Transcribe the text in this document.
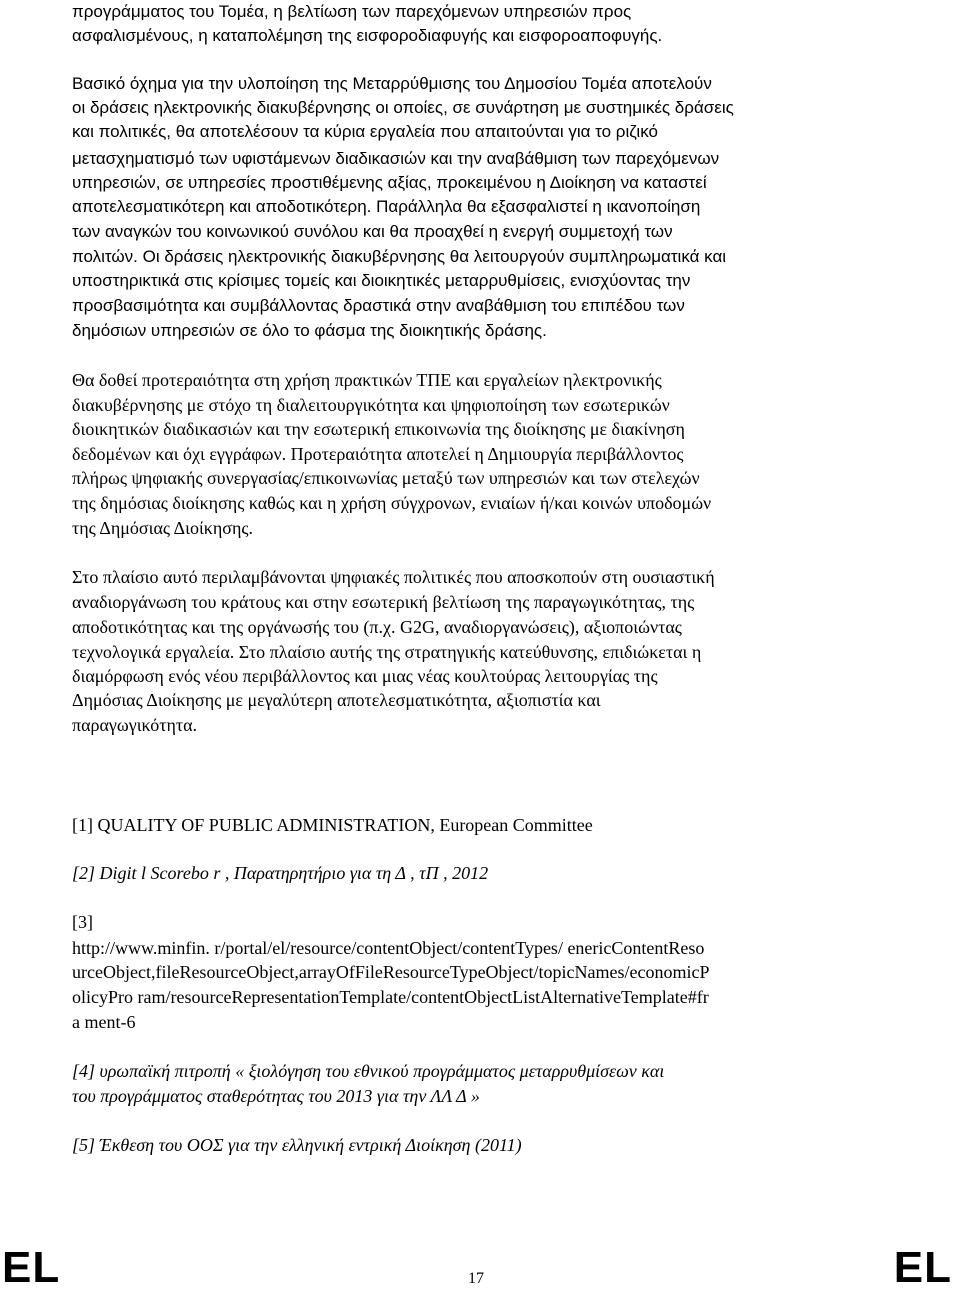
προγράμματος του Τομέα, η βελτίωση των παρεχόμενων υπηρεσιών προς
ασφαλισμένους, η καταπολέμηση της εισφοροδιαφυγής και εισφοροαποφυγής.
Βασικό όχημα για την υλοποίηση της Μεταρρύθμισης του Δημοσίου Τομέα αποτελούν
οι δράσεις ηλεκτρονικής διακυβέρνησης οι οποίες, σε συνάρτηση με συστημικές δράσεις
και πολιτικές, θα αποτελέσουν τα κύρια εργαλεία που απαιτούνται για το ριζικό
μετασχηματισμό των υφιστάμενων διαδικασιών και την αναβάθμιση των παρεχόμενων
υπηρεσιών, σε υπηρεσίες προστιθέμενης αξίας, προκειμένου η Διοίκηση να καταστεί
αποτελεσματικότερη και αποδοτικότερη. Παράλληλα θα εξασφαλιστεί η ικανοποίηση
των αναγκών του κοινωνικού συνόλου και θα προαχθεί η ενεργή συμμετοχή των
πολιτών. Οι δράσεις ηλεκτρονικής διακυβέρνησης θα λειτουργούν συμπληρωματικά και
υποστηρικτικά στις κρίσιμες τομείς και διοικητικές μεταρρυθμίσεις, ενισχύοντας την
προσβασιμότητα και συμβάλλοντας δραστικά στην αναβάθμιση του επιπέδου των
δημόσιων υπηρεσιών σε όλο το φάσμα της διοικητικής δράσης.
Θα δοθεί προτεραιότητα στη χρήση πρακτικών ΤΠΕ και εργαλείων ηλεκτρονικής
διακυβέρνησης με στόχο τη διαλειτουργικότητα και ψηφιοποίηση των εσωτερικών
διοικητικών διαδικασιών και την εσωτερική επικοινωνία της διοίκησης με διακίνηση
δεδομένων και όχι εγγράφων. Προτεραιότητα αποτελεί η Δημιουργία περιβάλλοντος
πλήρως ψηφιακής συνεργασίας/επικοινωνίας μεταξύ των υπηρεσιών και των στελεχών
της δημόσιας διοίκησης καθώς και η χρήση σύγχρονων, ενιαίων ή/και κοινών υποδομών
της Δημόσιας Διοίκησης.
Στο πλαίσιο αυτό περιλαμβάνονται ψηφιακές πολιτικές που αποσκοπούν στη ουσιαστική
αναδιοργάνωση του κράτους και στην εσωτερική βελτίωση της παραγωγικότητας, της
αποδοτικότητας και της οργάνωσής του (π.χ. G2G, αναδιοργανώσεις), αξιοποιώντας
τεχνολογικά εργαλεία. Στο πλαίσιο αυτής της στρατηγικής κατεύθυνσης, επιδιώκεται η
διαμόρφωση ενός νέου περιβάλλοντος και μιας νέας κουλτούρας λειτουργίας της
Δημόσιας Διοίκησης με μεγαλύτερη αποτελεσματικότητα, αξιοπιστία και
παραγωγικότητα.
[1] QUALITY OF PUBLIC ADMINISTRATION, European Committee
[2] Digit l Scorebo r , Παρατηρητήριο για τη Δ , τΠ , 2012
[3]
http://www.minfin. r/portal/el/resource/contentObject/contentTypes/ enericContentReso
urceObject,fileResourceObject,arrayOfFileResourceTypeObject/topicNames/economicP
olicyPro ram/resourceRepresentationTemplate/contentObjectListAlternativeTemplate#fr
a ment-6
[4] υρωπαϊκή πιτροπή « ξιολόγηση του εθνικού προγράμματος μεταρρυθμίσεων και
του προγράμματος σταθερότητας του 2013 για την ΛΛ Δ »
[5] Έκθεση του ΟΟΣ για την ελληνική εντρική Διοίκηση (2011)
EL	EL
17
